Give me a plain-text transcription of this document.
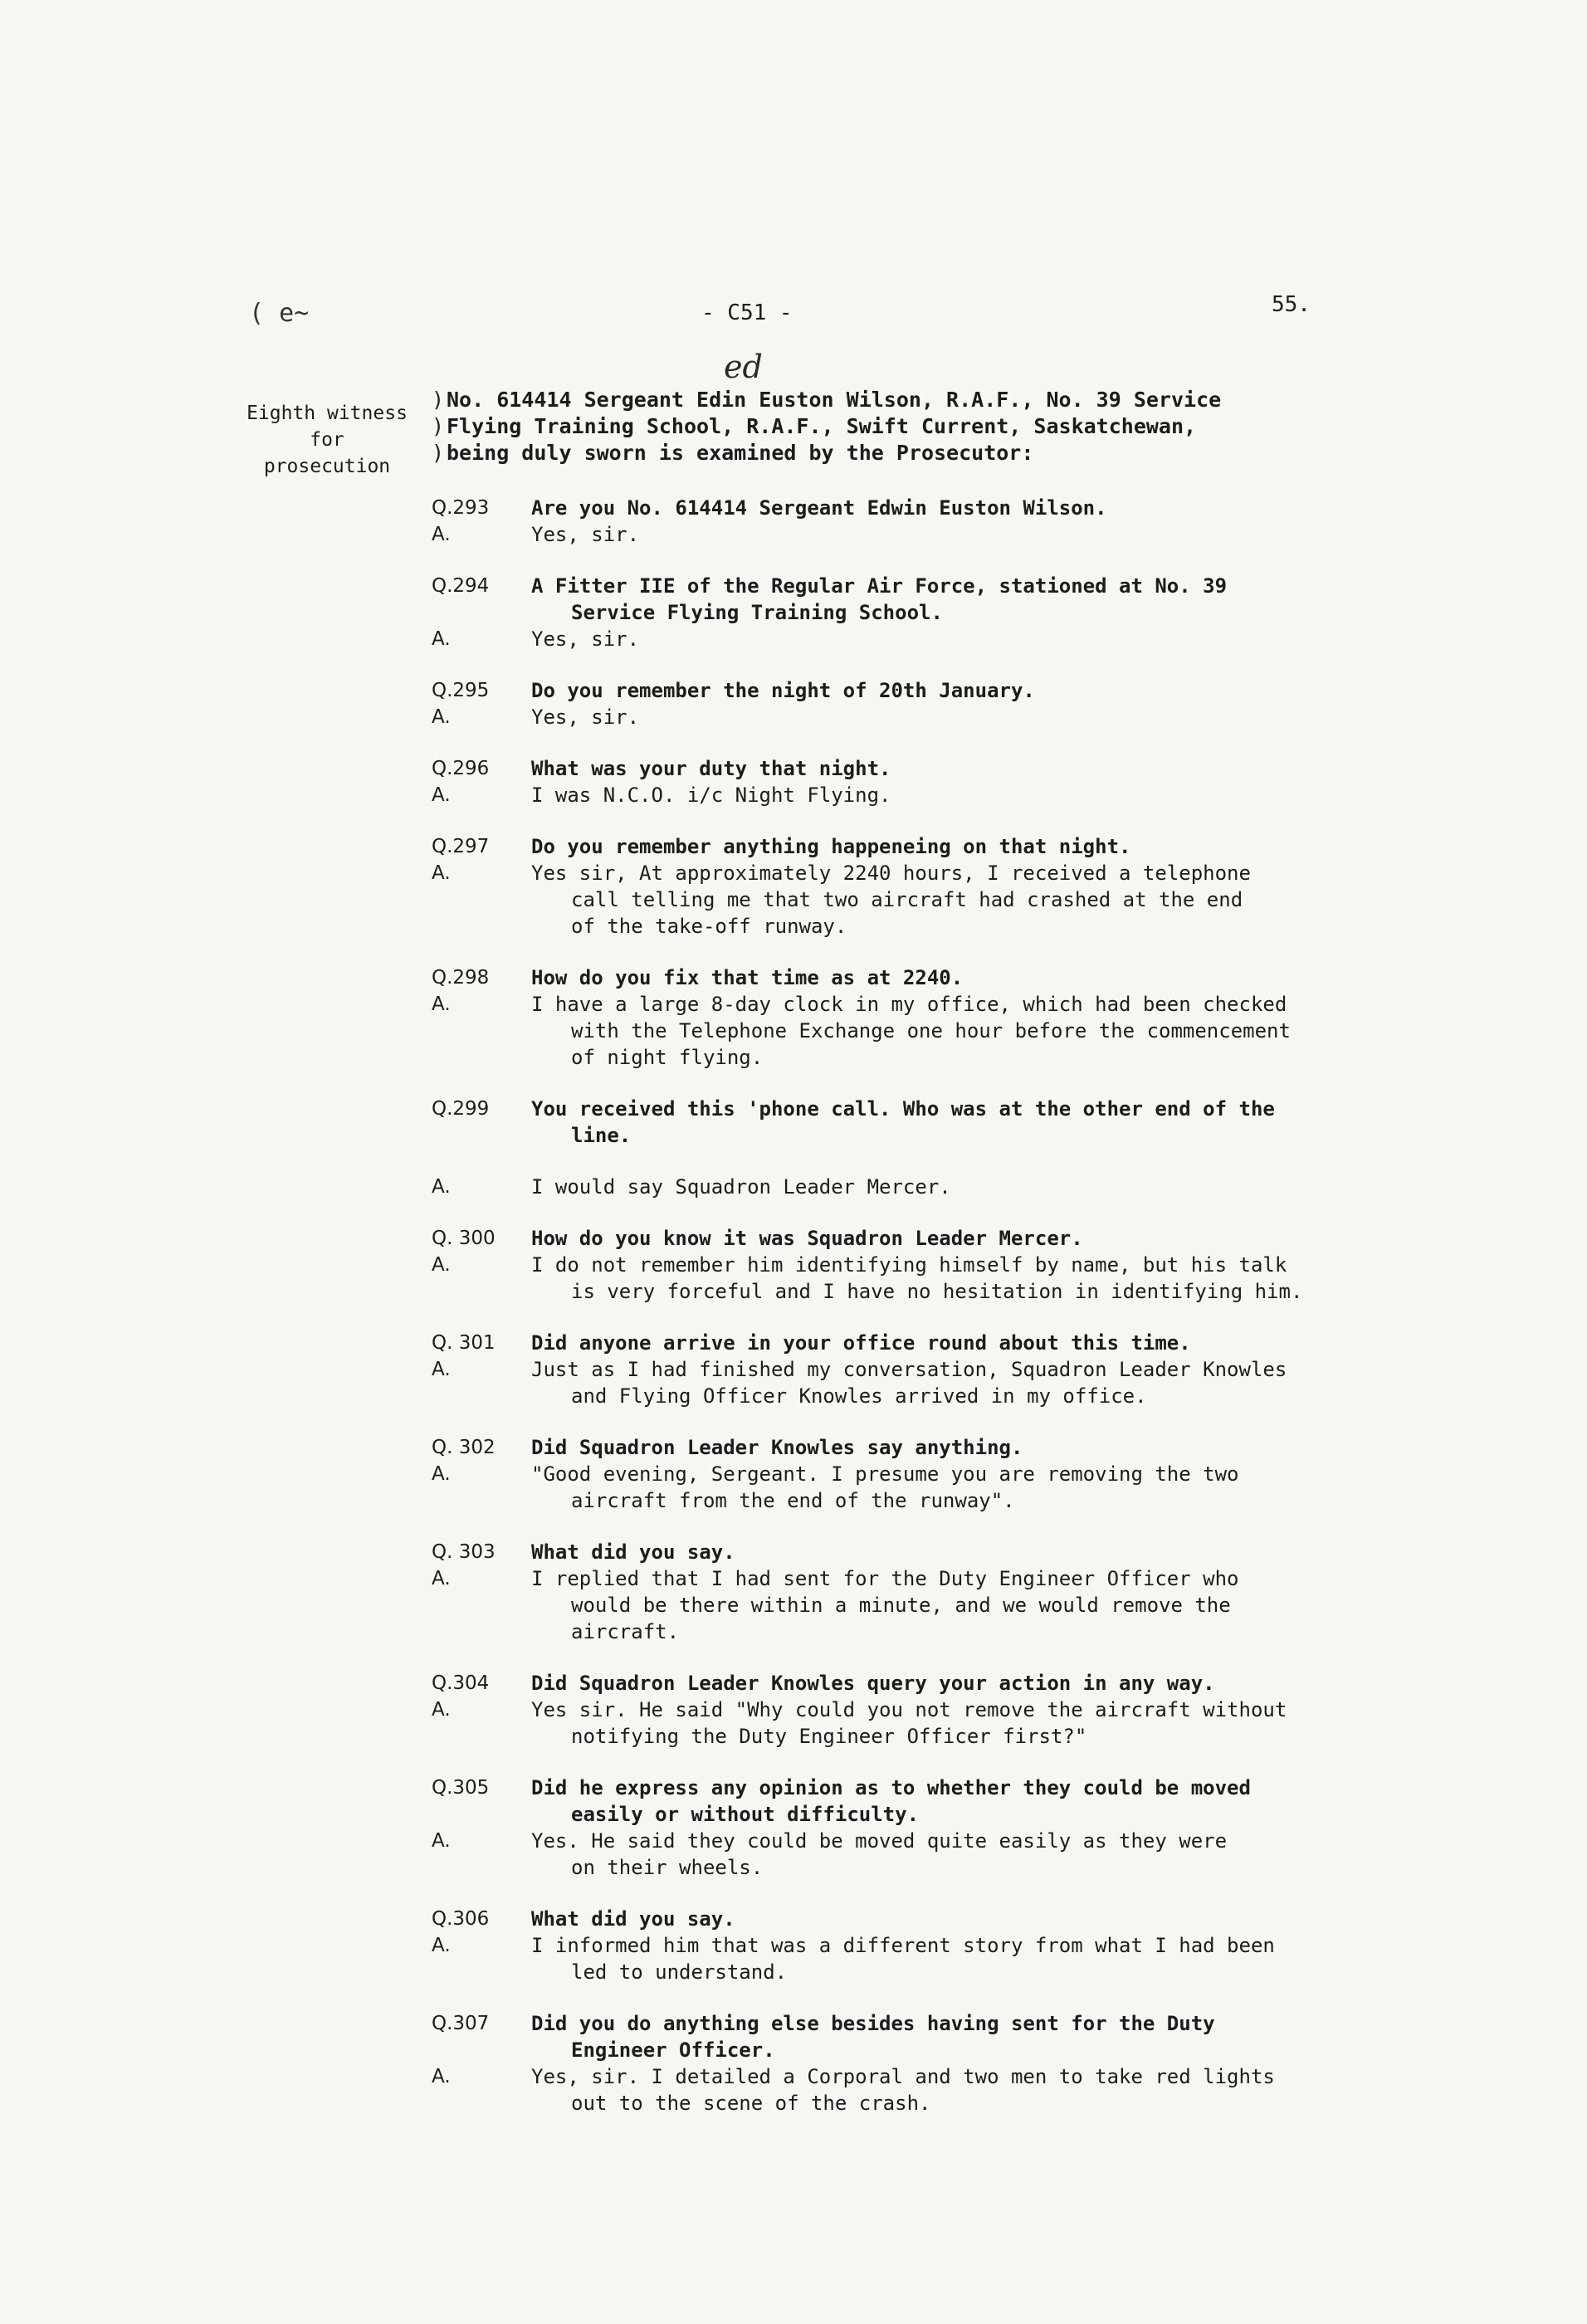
( e~	- C51 -	55.
ed
Eighth witness
for
prosecution
) No. 614414 Sergeant Edin Euston Wilson, R.A.F., No. 39 Service
) Flying Training School, R.A.F., Swift Current, Saskatchewan,
) being duly sworn is examined by the Prosecutor:
Q.293	Are you No. 614414 Sergeant Edwin Euston Wilson.
A.	Yes, sir.
Q.294	A Fitter IIE of the Regular Air Force, stationed at No. 39
Service Flying Training School.
A.	Yes, sir.
Q.295	Do you remember the night of 20th January.
A.	Yes, sir.
Q.296	What was your duty that night.
A.	I was N.C.O. i/c Night Flying.
Q.297	Do you remember anything happeneing on that night.
A.	Yes sir, At approximately 2240 hours, I received a telephone
call telling me that two aircraft had crashed at the end
of the take-off runway.
Q.298	How do you fix that time as at 2240.
A.	I have a large 8-day clock in my office, which had been checked
with the Telephone Exchange one hour before the commencement
of night flying.
Q.299	You received this 'phone call. Who was at the other end of the
line.
A.	I would say Squadron Leader Mercer.
Q. 300	How do you know it was Squadron Leader Mercer.
A.	I do not remember him identifying himself by name, but his talk
is very forceful and I have no hesitation in identifying him.
Q. 301	Did anyone arrive in your office round about this time.
A.	Just as I had finished my conversation, Squadron Leader Knowles
and Flying Officer Knowles arrived in my office.
Q. 302	Did Squadron Leader Knowles say anything.
A.	"Good evening, Sergeant. I presume you are removing the two
aircraft from the end of the runway".
Q. 303	What did you say.
A.	I replied that I had sent for the Duty Engineer Officer who
would be there within a minute, and we would remove the
aircraft.
Q.304	Did Squadron Leader Knowles query your action in any way.
A.	Yes sir. He said "Why could you not remove the aircraft without
notifying the Duty Engineer Officer first?"
Q.305	Did he express any opinion as to whether they could be moved
easily or without difficulty.
A.	Yes. He said they could be moved quite easily as they were
on their wheels.
Q.306	What did you say.
A.	I informed him that was a different story from what I had been
led to understand.
Q.307	Did you do anything else besides having sent for the Duty
Engineer Officer.
A.	Yes, sir. I detailed a Corporal and two men to take red lights
out to the scene of the crash.
